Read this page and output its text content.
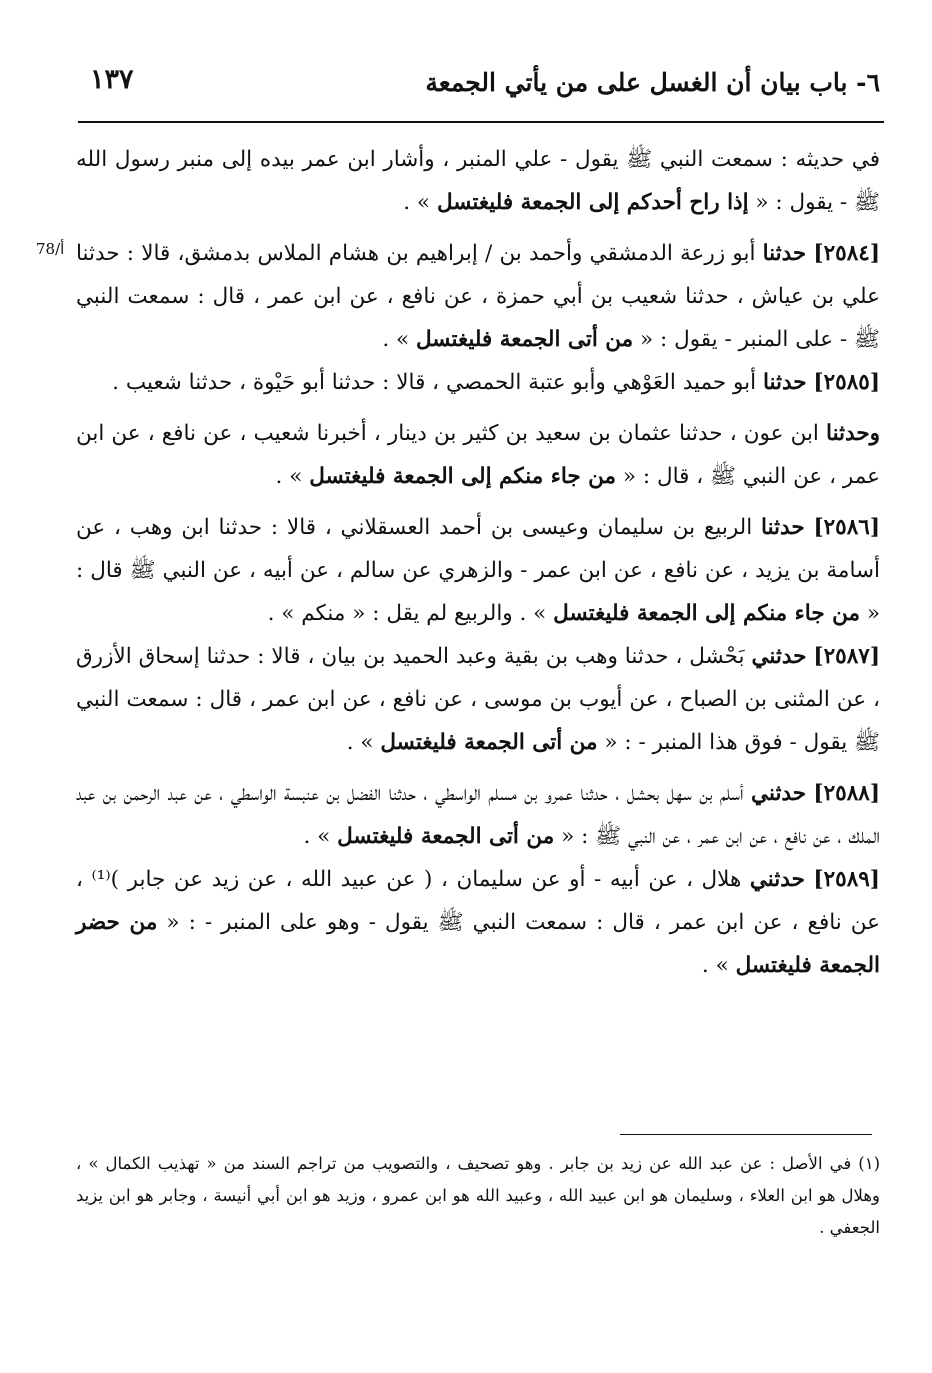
٦- باب بيان أن الغسل على من يأتي الجمعة
١٣٧
78/أ

في حديثه : سمعت النبي ﷺ يقول - علي المنبر ، وأشار ابن عمر بيده إلى منبر رسول الله ﷺ - يقول : « إذا راح أحدكم إلى الجمعة فليغتسل » .

[٢٥٨٤] حدثنا أبو زرعة الدمشقي وأحمد بن / إبراهيم بن هشام الملاس بدمشق، قالا : حدثنا علي بن عياش ، حدثنا شعيب بن أبي حمزة ، عن نافع ، عن ابن عمر ، قال : سمعت النبي ﷺ - على المنبر - يقول : « من أتى الجمعة فليغتسل » .

[٢٥٨٥] حدثنا أبو حميد العَوْهي وأبو عتبة الحمصي ، قالا : حدثنا أبو حَيْوة ، حدثنا شعيب .

وحدثنا ابن عون ، حدثنا عثمان بن سعيد بن كثير بن دينار ، أخبرنا شعيب ، عن نافع ، عن ابن عمر ، عن النبي ﷺ ، قال : « من جاء منكم إلى الجمعة فليغتسل » .

[٢٥٨٦] حدثنا الربيع بن سليمان وعيسى بن أحمد العسقلاني ، قالا : حدثنا ابن وهب ، عن أسامة بن يزيد ، عن نافع ، عن ابن عمر - والزهري عن سالم ، عن أبيه ، عن النبي ﷺ قال : « من جاء منكم إلى الجمعة فليغتسل » . والربيع لم يقل : « منكم » .

[٢٥٨٧] حدثني بَحْشل ، حدثنا وهب بن بقية وعبد الحميد بن بيان ، قالا : حدثنا إسحاق الأزرق ، عن المثنى بن الصباح ، عن أيوب بن موسى ، عن نافع ، عن ابن عمر ، قال : سمعت النبي ﷺ يقول - فوق هذا المنبر - : « من أتى الجمعة فليغتسل » .

[٢٥٨٨] حدثني أسلم بن سهل بحشل ، حدثنا عمرو بن مسلم الواسطي ، حدثنا الفضل بن عنبسة الواسطي ، عن عبد الرحمن بن عبد الملك ، عن نافع ، عن ابن عمر ، عن النبي ﷺ : « من أتى الجمعة فليغتسل » .

[٢٥٨٩] حدثني هلال ، عن أبيه - أو عن سليمان ، ( عن عبيد الله ، عن زيد عن جابر )⁽¹⁾ ، عن نافع ، عن ابن عمر ، قال : سمعت النبي ﷺ يقول - وهو على المنبر - : « من حضر الجمعة فليغتسل » .

(١) في الأصل : عن عبد الله عن زيد بن جابر . وهو تصحيف ، والتصويب من تراجم السند من « تهذيب الكمال » ، وهلال هو ابن العلاء ، وسليمان هو ابن عبيد الله ، وعبيد الله هو ابن عمرو ، وزيد هو ابن أبي أنيسة ، وجابر هو ابن يزيد الجعفي .
